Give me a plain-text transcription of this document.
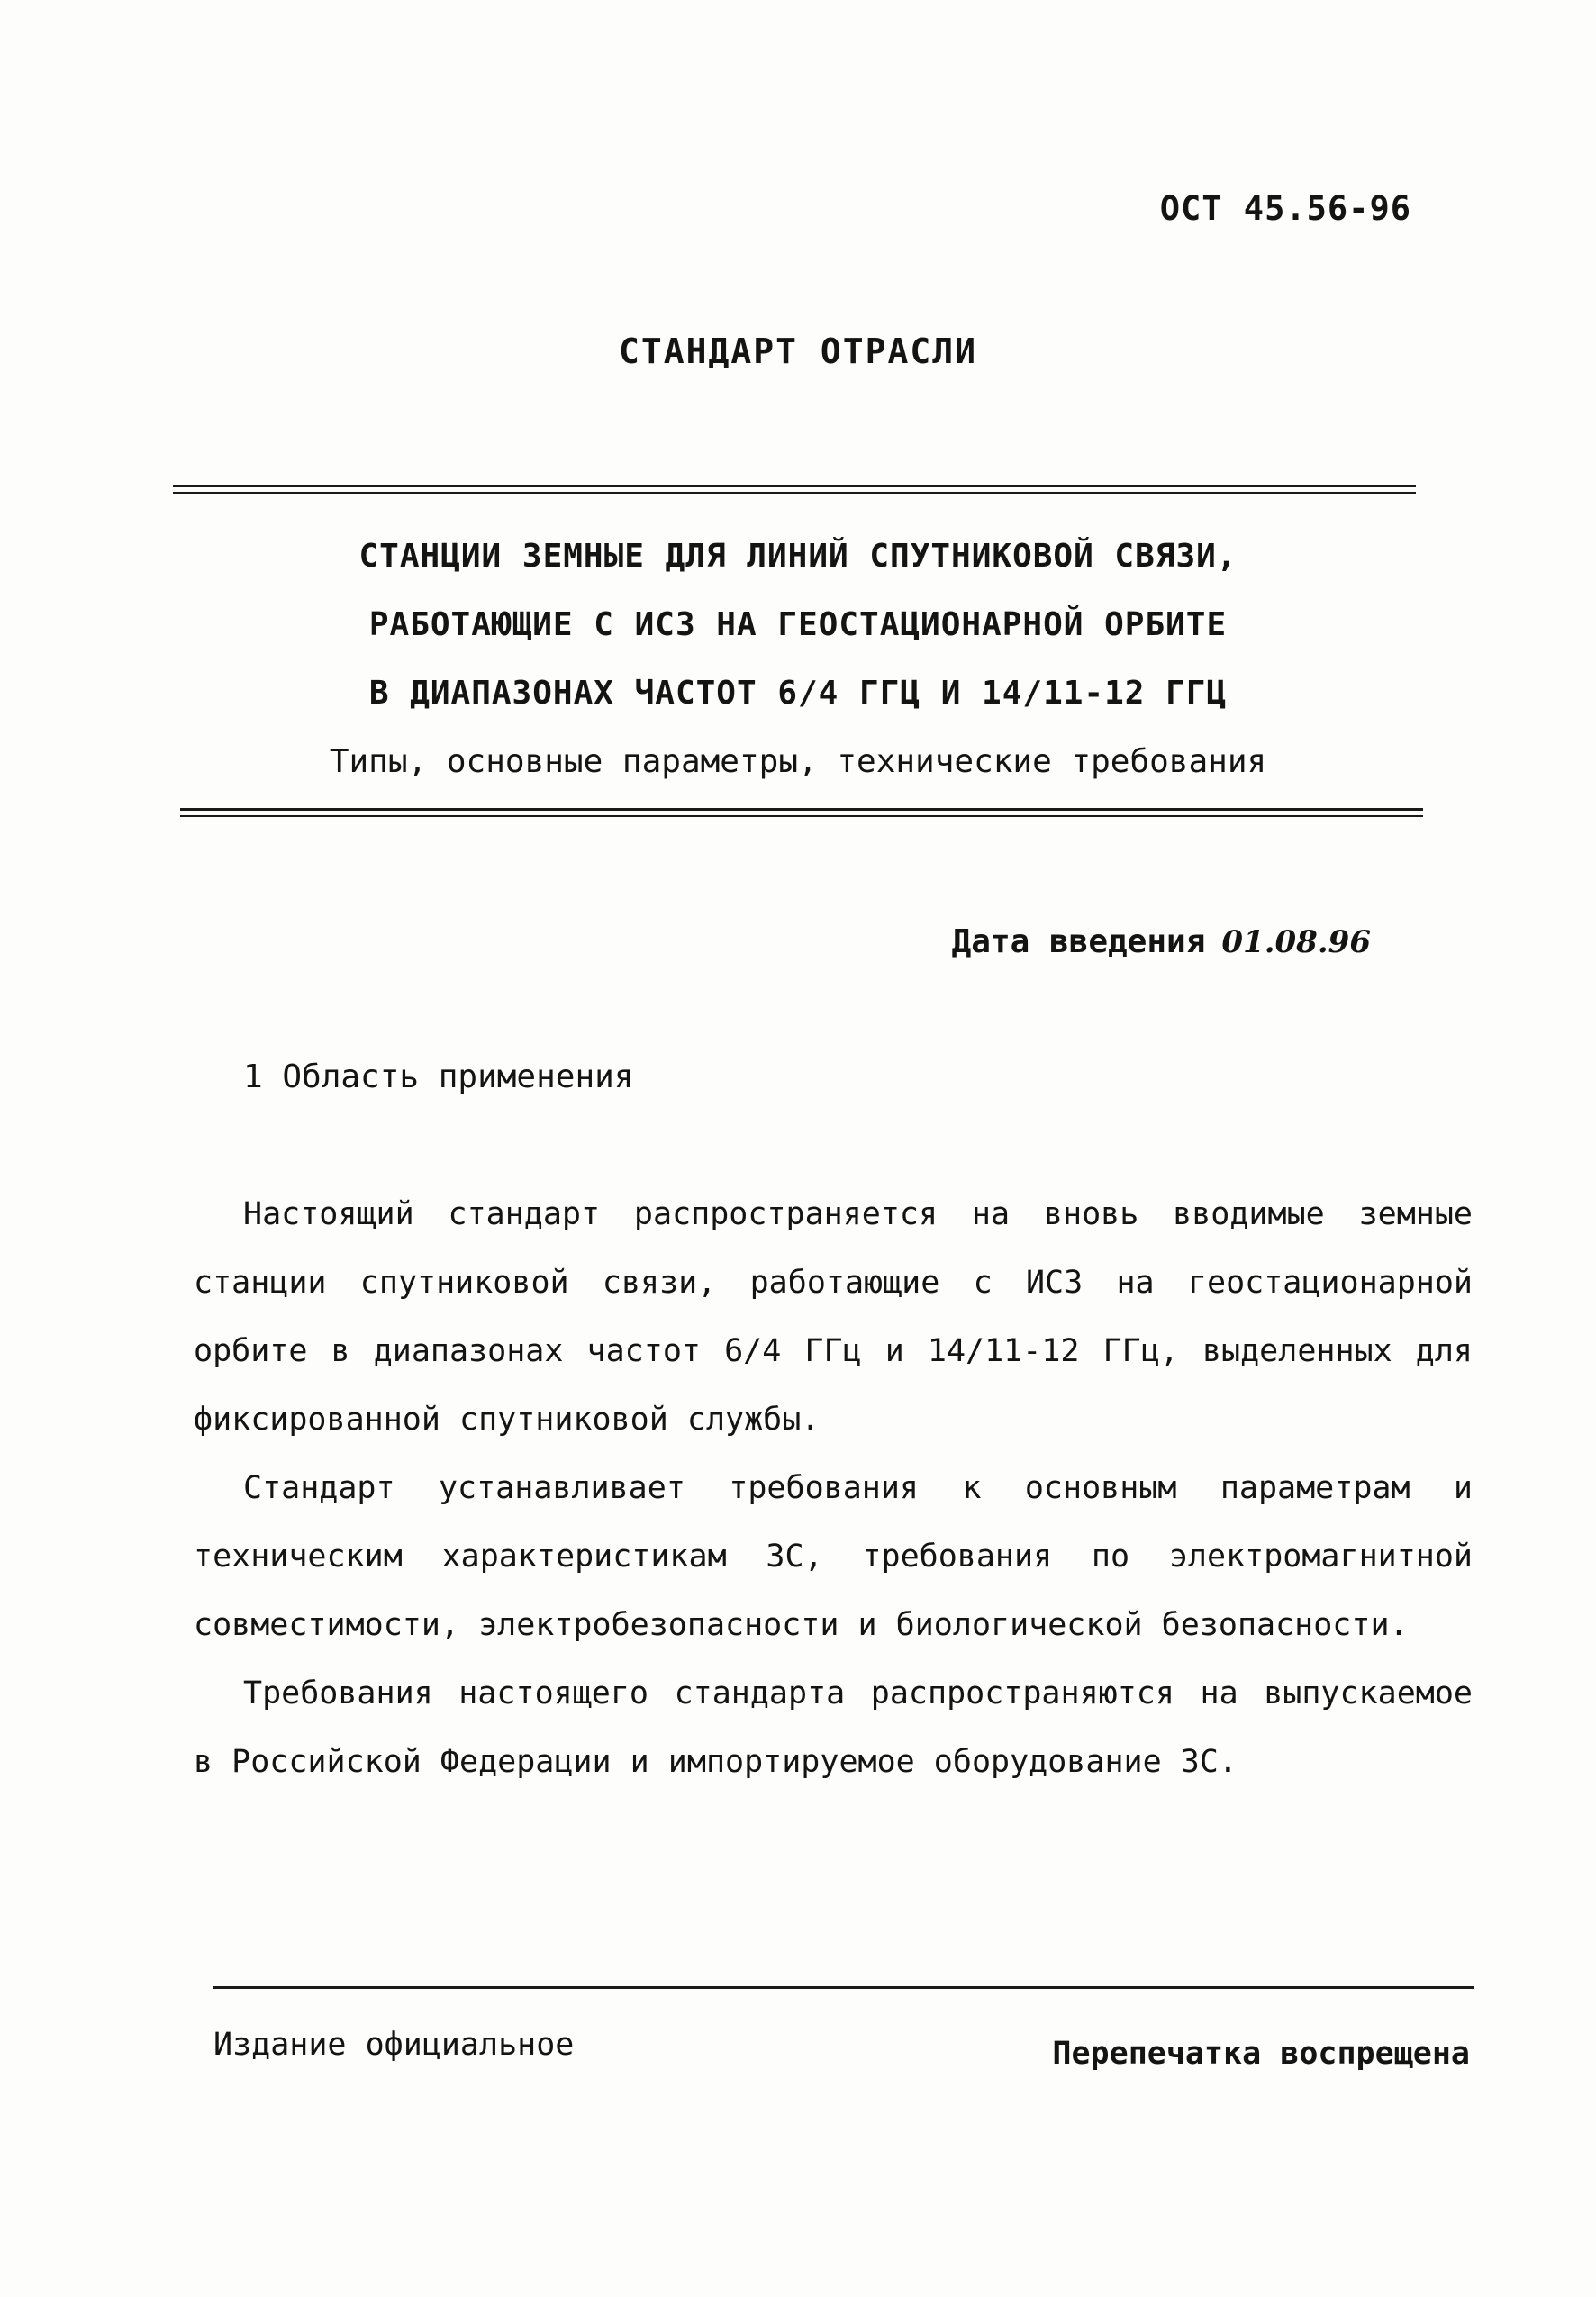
ОСТ 45.56-96
СТАНДАРТ ОТРАСЛИ
СТАНЦИИ ЗЕМНЫЕ ДЛЯ ЛИНИЙ СПУТНИКОВОЙ СВЯЗИ,
РАБОТАЮЩИЕ С ИСЗ НА ГЕОСТАЦИОНАРНОЙ ОРБИТЕ
В ДИАПАЗОНАХ ЧАСТОТ 6/4 ГГЦ И 14/11-12 ГГЦ
Типы, основные параметры, технические требования
Дата введения 01.08.96
1 Область применения

Настоящий стандарт распространяется на вновь вводимые земные станции спутниковой связи, работающие с ИСЗ на геостационарной орбите в диапазонах частот 6/4 ГГц и 14/11-12 ГГц, выделенных для фиксированной спутниковой службы.

Стандарт устанавливает требования к основным параметрам и техническим характеристикам ЗС, требования по электромагнитной совместимости, электробезопасности и биологической безопасности.

Требования настоящего стандарта распространяются на выпускаемое в Российской Федерации и импортируемое оборудование ЗС.

Издание официальное	Перепечатка воспрещена
